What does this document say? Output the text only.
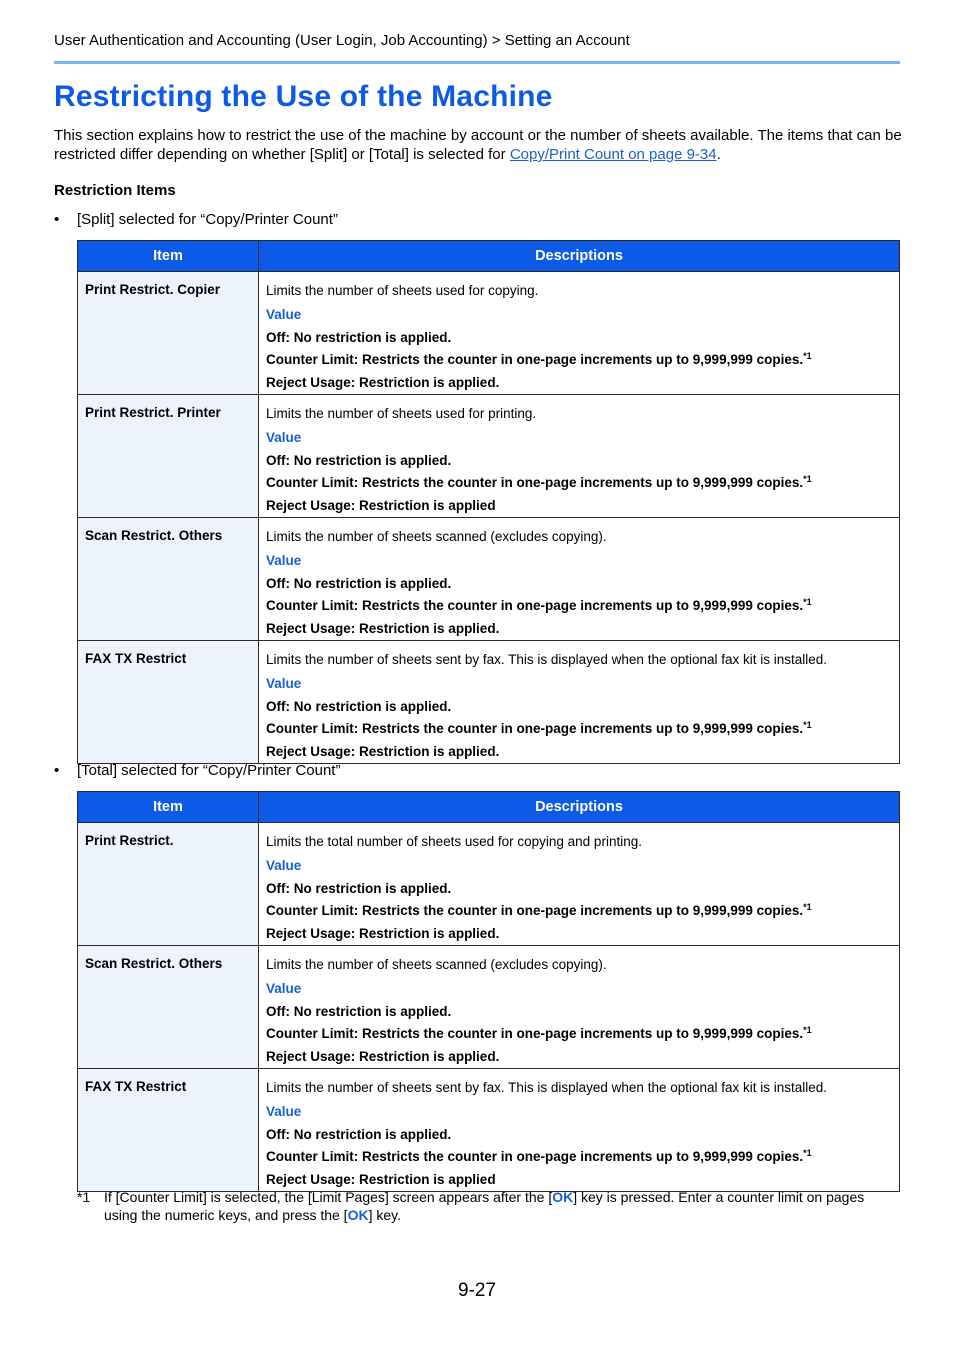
User Authentication and Accounting (User Login, Job Accounting) > Setting an Account
Restricting the Use of the Machine
This section explains how to restrict the use of the machine by account or the number of sheets available. The items that can be restricted differ depending on whether [Split] or [Total] is selected for Copy/Print Count on page 9-34.
Restriction Items
• [Split] selected for “Copy/Printer Count”
Item	Descriptions
Print Restrict. Copier	Limits the number of sheets used for copying.
Value
Off: No restriction is applied.
Counter Limit: Restricts the counter in one-page increments up to 9,999,999 copies.$^{*1}$
Reject Usage: Restriction is applied.

Print Restrict. Printer	Limits the number of sheets used for printing.
Value
Off: No restriction is applied.
Counter Limit: Restricts the counter in one-page increments up to 9,999,999 copies.$^{*1}$
Reject Usage: Restriction is applied

Scan Restrict. Others	Limits the number of sheets scanned (excludes copying).
Value
Off: No restriction is applied.
Counter Limit: Restricts the counter in one-page increments up to 9,999,999 copies.$^{*1}$
Reject Usage: Restriction is applied.

FAX TX Restrict	Limits the number of sheets sent by fax. This is displayed when the optional fax kit is installed.
Value
Off: No restriction is applied.
Counter Limit: Restricts the counter in one-page increments up to 9,999,999 copies.$^{*1}$
Reject Usage: Restriction is applied.
• [Total] selected for “Copy/Printer Count”
Item	Descriptions
Print Restrict.	Limits the total number of sheets used for copying and printing.
Value
Off: No restriction is applied.
Counter Limit: Restricts the counter in one-page increments up to 9,999,999 copies.$^{*1}$
Reject Usage: Restriction is applied.

Scan Restrict. Others	Limits the number of sheets scanned (excludes copying).
Value
Off: No restriction is applied.
Counter Limit: Restricts the counter in one-page increments up to 9,999,999 copies.$^{*1}$
Reject Usage: Restriction is applied.

FAX TX Restrict	Limits the number of sheets sent by fax. This is displayed when the optional fax kit is installed.
Value
Off: No restriction is applied.
Counter Limit: Restricts the counter in one-page increments up to 9,999,999 copies.$^{*1}$
Reject Usage: Restriction is applied
*1 If [Counter Limit] is selected, the [Limit Pages] screen appears after the [OK] key is pressed. Enter a counter limit on pages using the numeric keys, and press the [OK] key.
9-27
